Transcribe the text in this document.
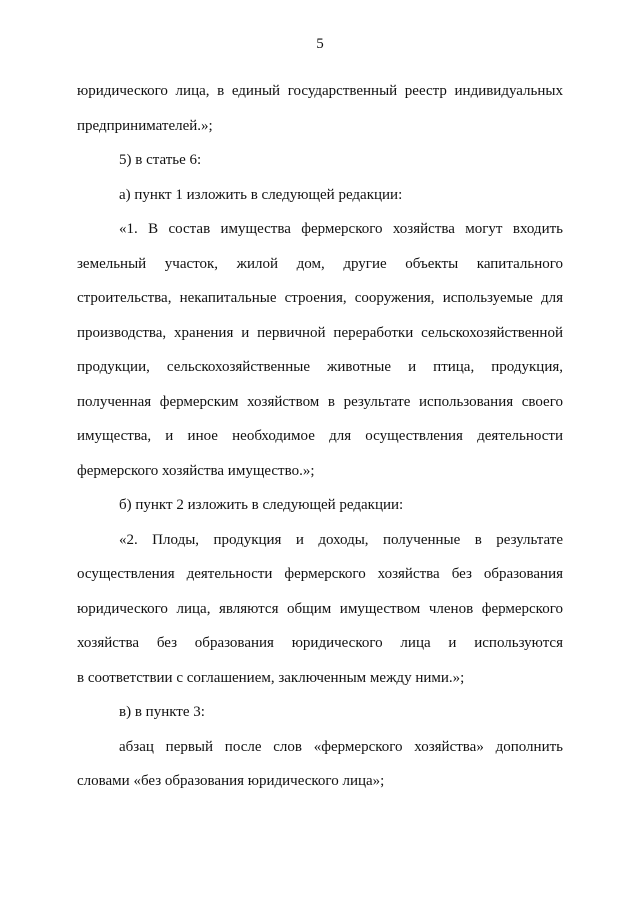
5
юридического лица, в единый государственный реестр индивидуальных
предпринимателей.»;
5) в статье 6:
а) пункт 1 изложить в следующей редакции:
«1. В состав имущества фермерского хозяйства могут входить
земельный участок, жилой дом, другие объекты капитального
строительства, некапитальные строения, сооружения, используемые для
производства, хранения и первичной переработки сельскохозяйственной
продукции, сельскохозяйственные животные и птица, продукция,
полученная фермерским хозяйством в результате использования своего
имущества, и иное необходимое для осуществления деятельности
фермерского хозяйства имущество.»;
б) пункт 2 изложить в следующей редакции:
«2. Плоды, продукция и доходы, полученные в результате
осуществления деятельности фермерского хозяйства без образования
юридического лица, являются общим имуществом членов фермерского
хозяйства без образования юридического лица и используются
в соответствии с соглашением, заключенным между ними.»;
в) в пункте 3:
абзац первый после слов «фермерского хозяйства» дополнить
словами «без образования юридического лица»;
